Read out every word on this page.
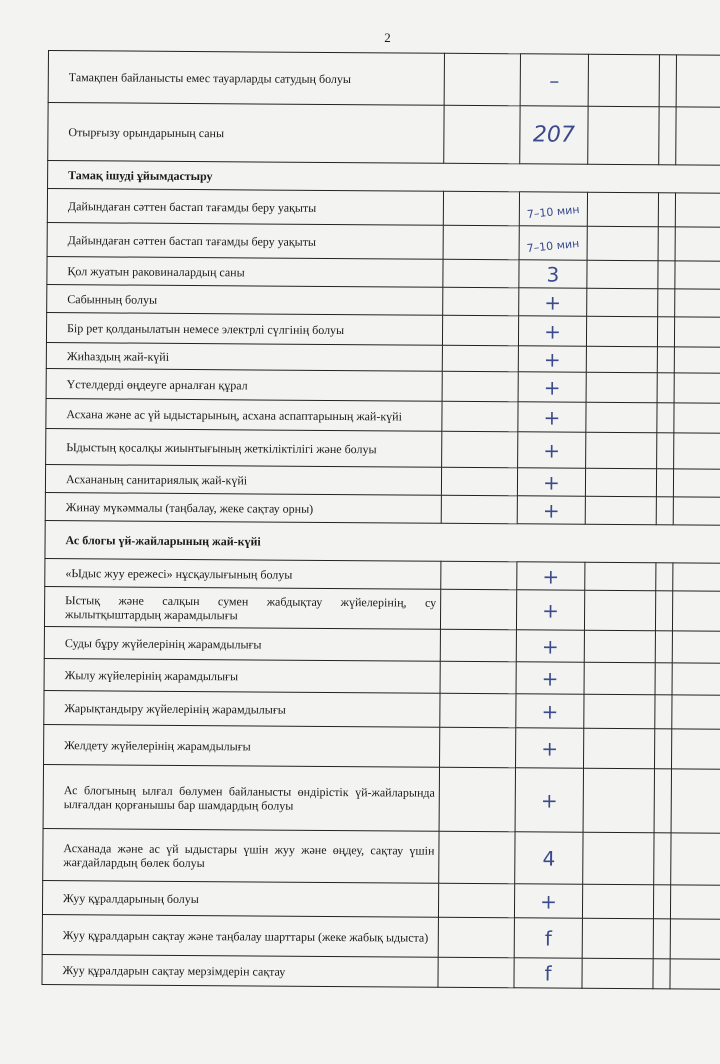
2
Тамақпен байланысты емес тауарларды сатудың болуы		–			
Отырғызу орындарының саны		207			
Тамақ ішуді ұйымдастыру					
Дайындаған сәттен бастап тағамды беру уақыты		7–10 мин			
Дайындаған сәттен бастап тағамды беру уақыты		7–10 мин			
Қол жуатын раковиналардың саны		3			
Сабынның болуы		+			
Бір рет қолданылатын немесе электрлі сүлгінің болуы		+			
Жиһаздың жай-күйі		+			
Үстелдерді өңдеуге арналған құрал		+			
Асхана және ас үй ыдыстарының, асхана аспаптарының жай-күйі		+			
Ыдыстың қосалқы жиынтығының жеткіліктілігі және болуы		+			
Асхананың санитариялық жай-күйі		+			
Жинау мүкәммалы (таңбалау, жеке сақтау орны)		+			
Ас блогы үй-жайларының жай-күйі					
«Ыдыс жуу ережесі» нұсқаулығының болуы		+			
Ыстық және салқын сумен жабдықтау жүйелерінің, су жылытқыштардың жарамдылығы		+			
Суды бұру жүйелерінің жарамдылығы		+			
Жылу жүйелерінің жарамдылығы		+			
Жарықтандыру жүйелерінің жарамдылығы		+			
Желдету жүйелерінің жарамдылығы		+			
Ас блогының ылғал бөлумен байланысты өндірістік үй-жайларында ылғалдан қорғанышы бар шамдардың болуы		+			
Асханада және ас үй ыдыстары үшін жуу және өңдеу, сақтау үшін жағдайлардың бөлек болуы		4			
Жуу құралдарының болуы		+			
Жуу құралдарын сақтау және таңбалау шарттары (жеке жабық ыдыста)		f			
Жуу құралдарын сақтау мерзімдерін сақтау		f			
